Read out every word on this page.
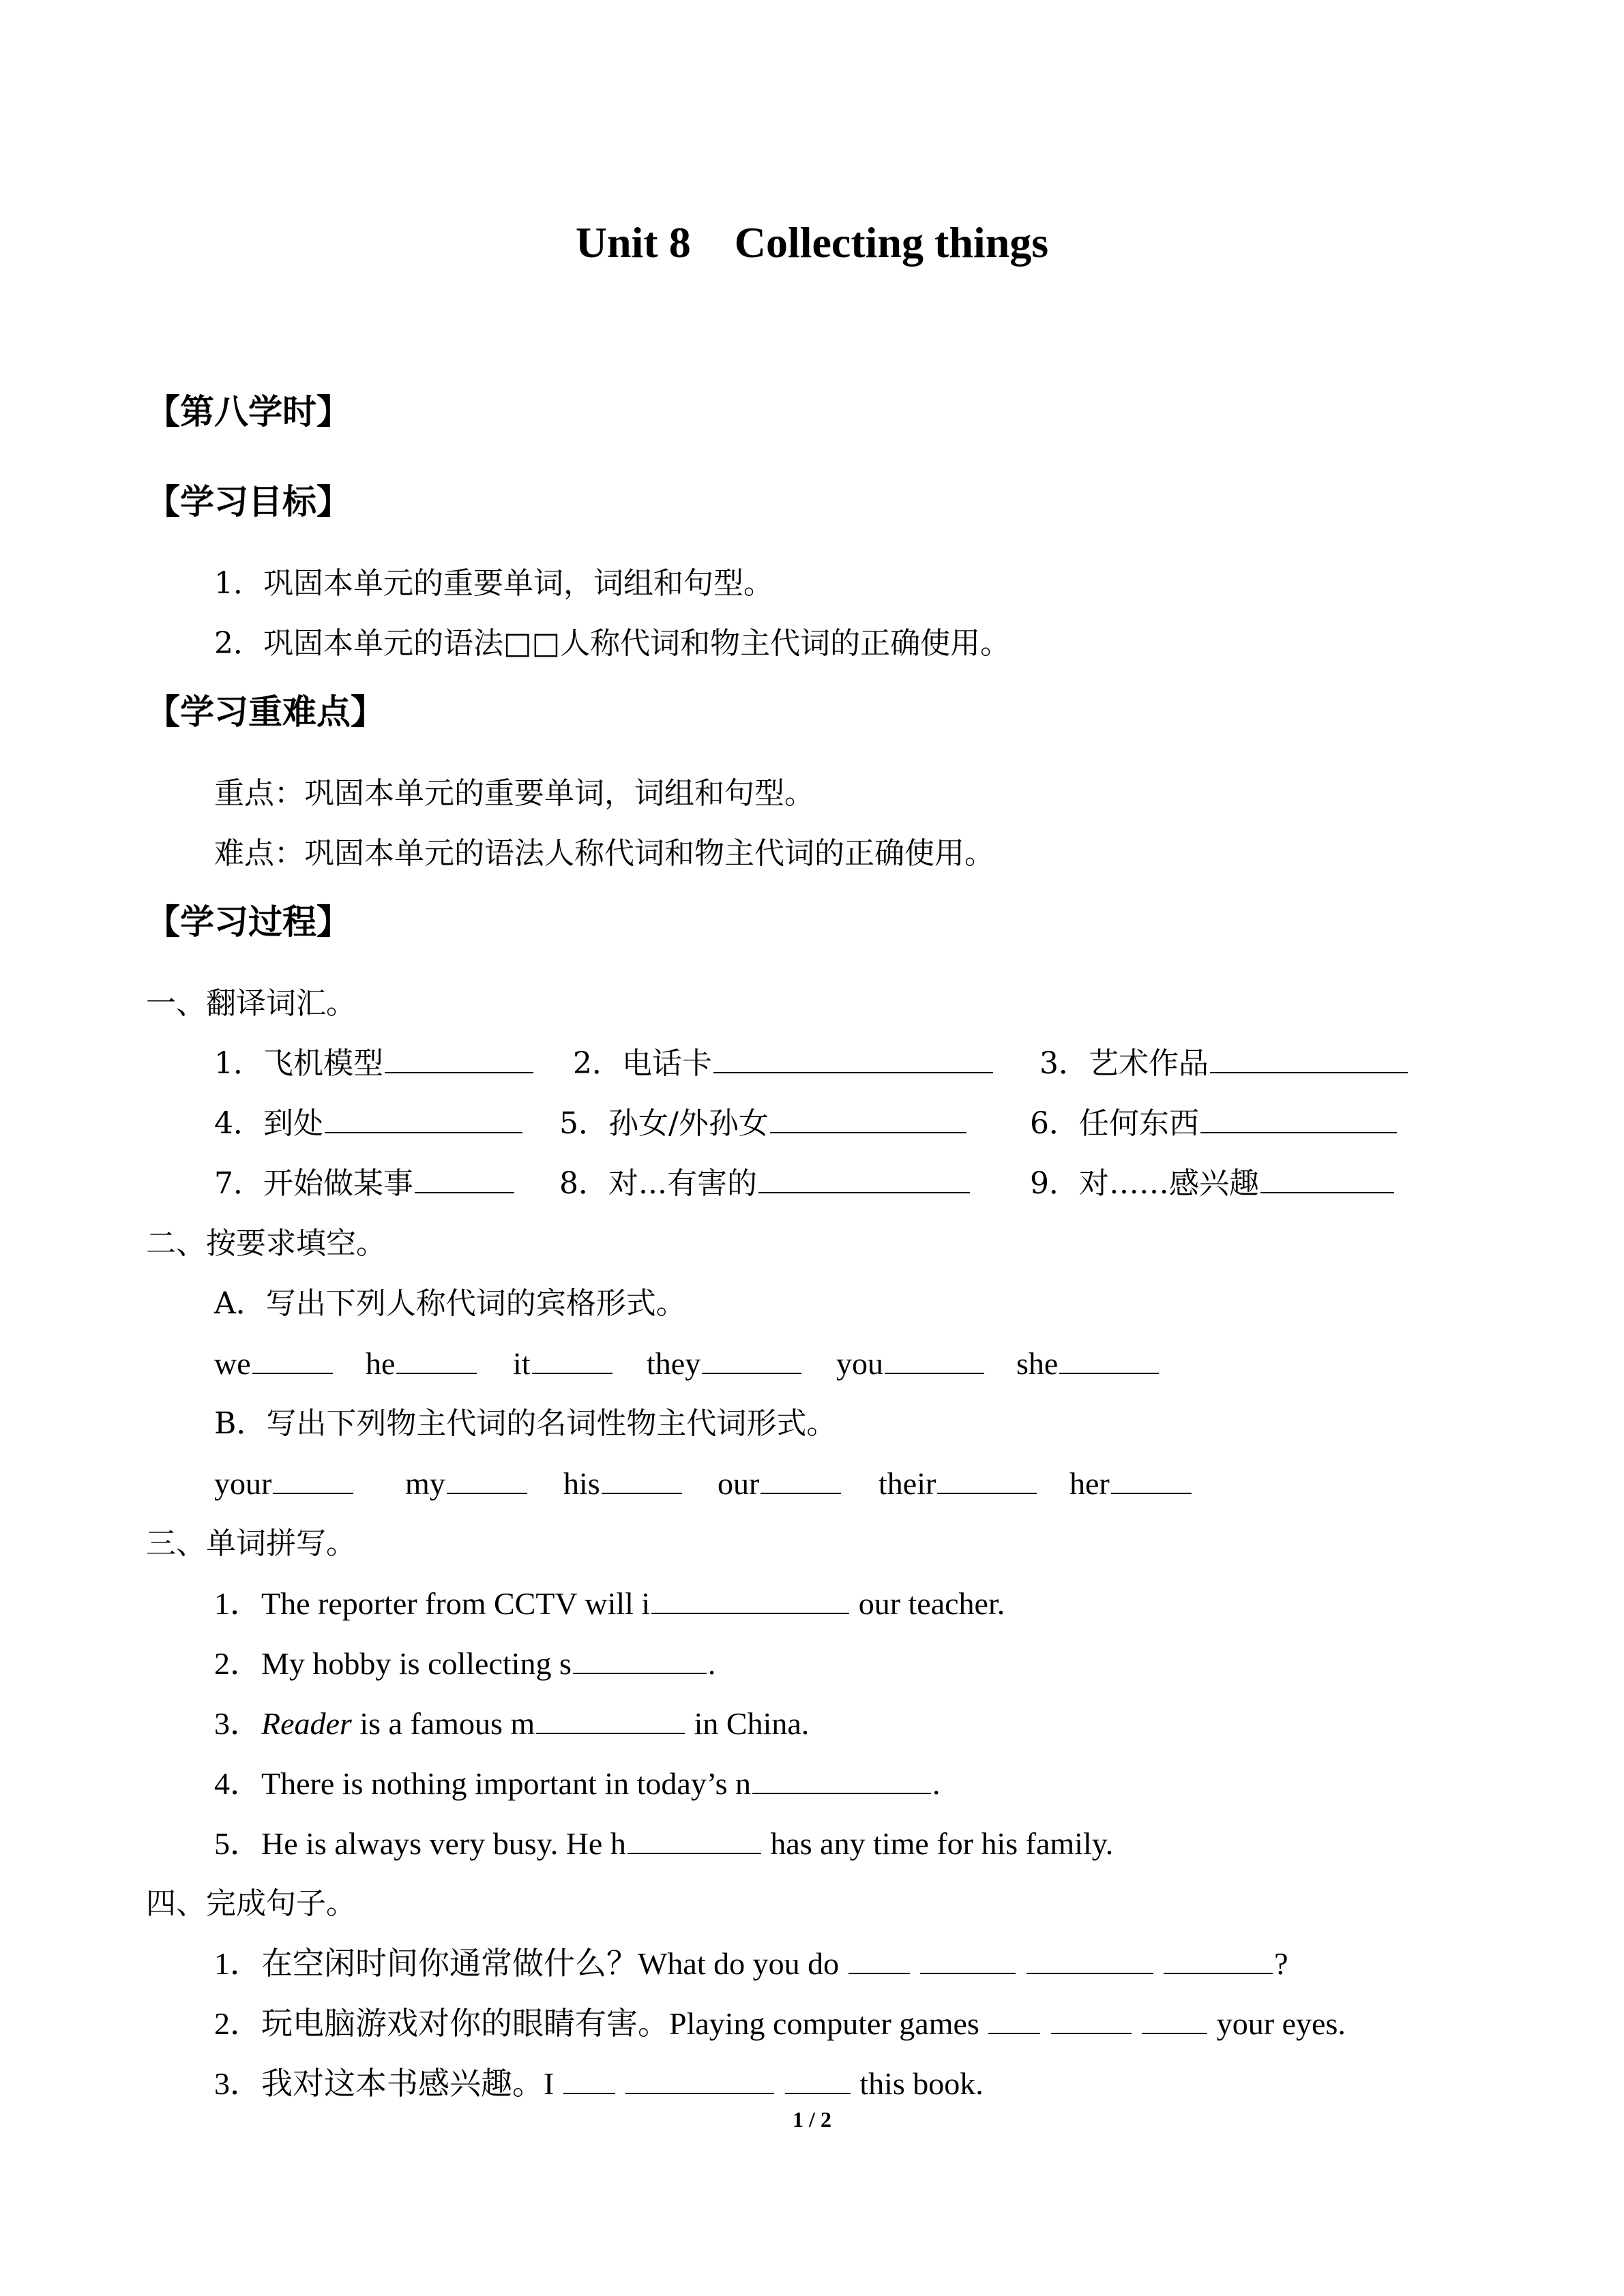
Unit 8 Collecting things
【第八学时】
【学习目标】
1．巩固本单元的重要单词，词组和句型。
2．巩固本单元的语法□□人称代词和物主代词的正确使用。
【学习重难点】
重点：巩固本单元的重要单词，词组和句型。
难点：巩固本单元的语法人称代词和物主代词的正确使用。
【学习过程】
一、翻译词汇。
1．飞机模型	2．电话卡	3．艺术作品
4．到处	5．孙女/外孙女	6．任何东西
7．开始做某事	8．对...有害的	9．对……感兴趣
二、按要求填空。
A．写出下列人称代词的宾格形式。
we	he	it	they	you	she
B．写出下列物主代词的名词性物主代词形式。
your	my	his	our	their	her
三、单词拼写。
1．The reporter from CCTV will i	our teacher.
2．My hobby is collecting s	.
3．Reader is a famous m	in China.
4．There is nothing important in today’s n	.
5．He is always very busy. He h	has any time for his family.
四、完成句子。
1．在空闲时间你通常做什么？What do you do	?
2．玩电脑游戏对你的眼睛有害。Playing computer games	your eyes.
3．我对这本书感兴趣。I	this book.
1 / 2
